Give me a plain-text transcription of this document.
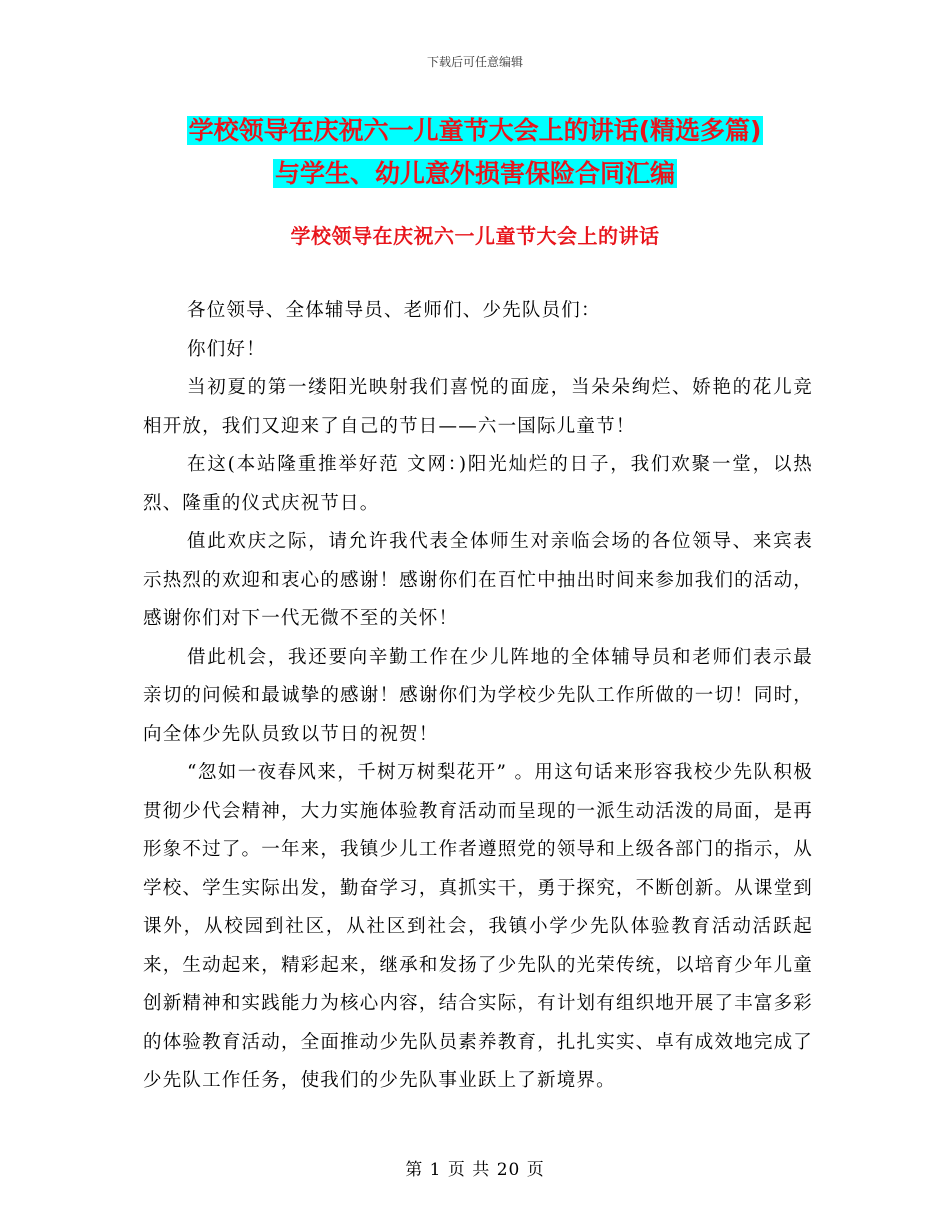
下载后可任意编辑
学校领导在庆祝六一儿童节大会上的讲话(精选多篇)
与学生、幼儿意外损害保险合同汇编
学校领导在庆祝六一儿童节大会上的讲话

各位领导、全体辅导员、老师们、少先队员们：

你们好！

当初夏的第一缕阳光映射我们喜悦的面庞，当朵朵绚烂、娇艳的花儿竞相开放，我们又迎来了自己的节日——六一国际儿童节！

在这(本站隆重推举好范 文网：)阳光灿烂的日子，我们欢聚一堂，以热烈、隆重的仪式庆祝节日。

值此欢庆之际，请允许我代表全体师生对亲临会场的各位领导、来宾表示热烈的欢迎和衷心的感谢！感谢你们在百忙中抽出时间来参加我们的活动，感谢你们对下一代无微不至的关怀！

借此机会，我还要向辛勤工作在少儿阵地的全体辅导员和老师们表示最亲切的问候和最诚挚的感谢！感谢你们为学校少先队工作所做的一切！同时，向全体少先队员致以节日的祝贺！

“忽如一夜春风来，千树万树梨花开” 。用这句话来形容我校少先队积极贯彻少代会精神，大力实施体验教育活动而呈现的一派生动活泼的局面，是再形象不过了。一年来，我镇少儿工作者遵照党的领导和上级各部门的指示，从学校、学生实际出发，勤奋学习，真抓实干，勇于探究，不断创新。从课堂到课外，从校园到社区，从社区到社会，我镇小学少先队体验教育活动活跃起来，生动起来，精彩起来，继承和发扬了少先队的光荣传统，以培育少年儿童创新精神和实践能力为核心内容，结合实际，有计划有组织地开展了丰富多彩的体验教育活动，全面推动少先队员素养教育，扎扎实实、卓有成效地完成了少先队工作任务，使我们的少先队事业跃上了新境界。

第 1 页 共 20 页
